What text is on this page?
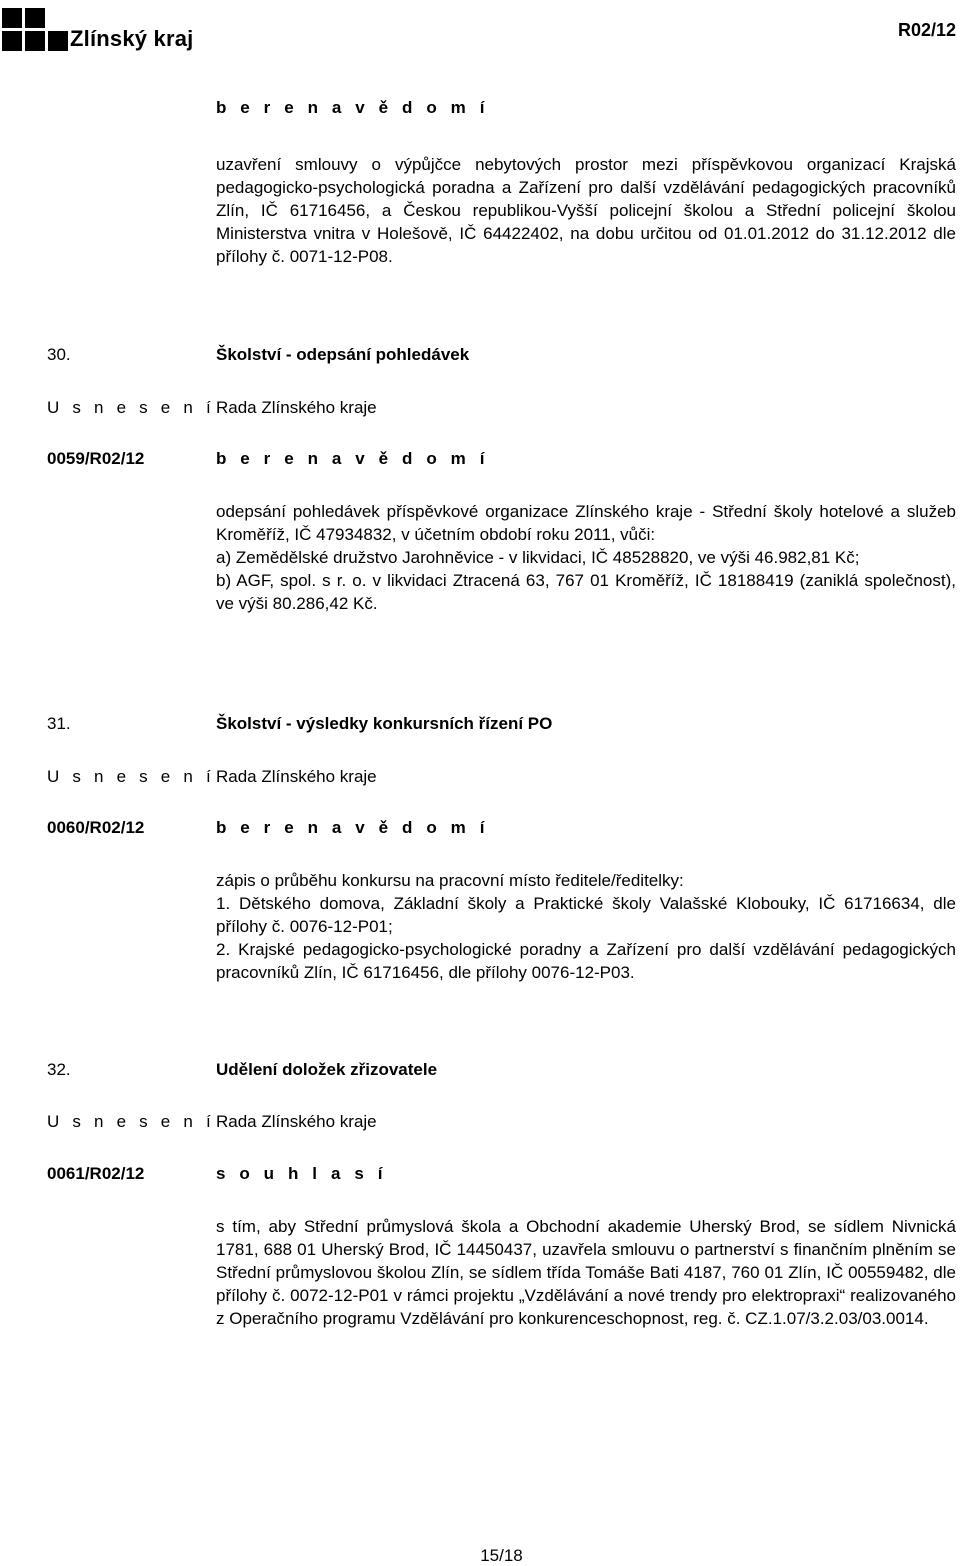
Zlínský kraj	R02/12
b e r e n a v ě d o m í

uzavření smlouvy o výpůjčce nebytových prostor mezi příspěvkovou organizací Krajská pedagogicko-psychologická poradna a Zařízení pro další vzdělávání pedagogických pracovníků Zlín, IČ 61716456, a Českou republikou-Vyšší policejní školou a Střední policejní školou Ministerstva vnitra v Holešově, IČ 64422402, na dobu určitou od 01.01.2012 do 31.12.2012 dle přílohy č. 0071-12-P08.

30.	Školství - odepsání pohledávek
U s n e s e n í Rada Zlínského kraje
0059/R02/12	b e r e n a v ě d o m í

odepsání pohledávek příspěvkové organizace Zlínského kraje - Střední školy hotelové a služeb Kroměříž, IČ 47934832, v účetním období roku 2011, vůči:

a) Zemědělské družstvo Jarohněvice - v likvidaci, IČ 48528820, ve výši 46.982,81 Kč;

b) AGF, spol. s r. o. v likvidaci Ztracená 63, 767 01 Kroměříž, IČ 18188419 (zaniklá společnost), ve výši 80.286,42 Kč.

31.	Školství - výsledky konkursních řízení PO
U s n e s e n í Rada Zlínského kraje
0060/R02/12	b e r e n a v ě d o m í

zápis o průběhu konkursu na pracovní místo ředitele/ředitelky:

1. Dětského domova, Základní školy a Praktické školy Valašské Klobouky, IČ 61716634, dle přílohy č. 0076-12-P01;

2. Krajské pedagogicko-psychologické poradny a Zařízení pro další vzdělávání pedagogických pracovníků Zlín, IČ 61716456, dle přílohy 0076-12-P03.

32.	Udělení doložek zřizovatele
U s n e s e n í Rada Zlínského kraje
0061/R02/12	s o u h l a s í

s tím, aby Střední průmyslová škola a Obchodní akademie Uherský Brod, se sídlem Nivnická 1781, 688 01 Uherský Brod, IČ 14450437, uzavřela smlouvu o partnerství s finančním plněním se Střední průmyslovou školou Zlín, se sídlem třída Tomáše Bati 4187, 760 01 Zlín, IČ 00559482, dle přílohy č. 0072-12-P01 v rámci projektu „Vzdělávání a nové trendy pro elektropraxi“ realizovaného z Operačního programu Vzdělávání pro konkurenceschopnost, reg. č. CZ.1.07/3.2.03/03.0014.

15/18
